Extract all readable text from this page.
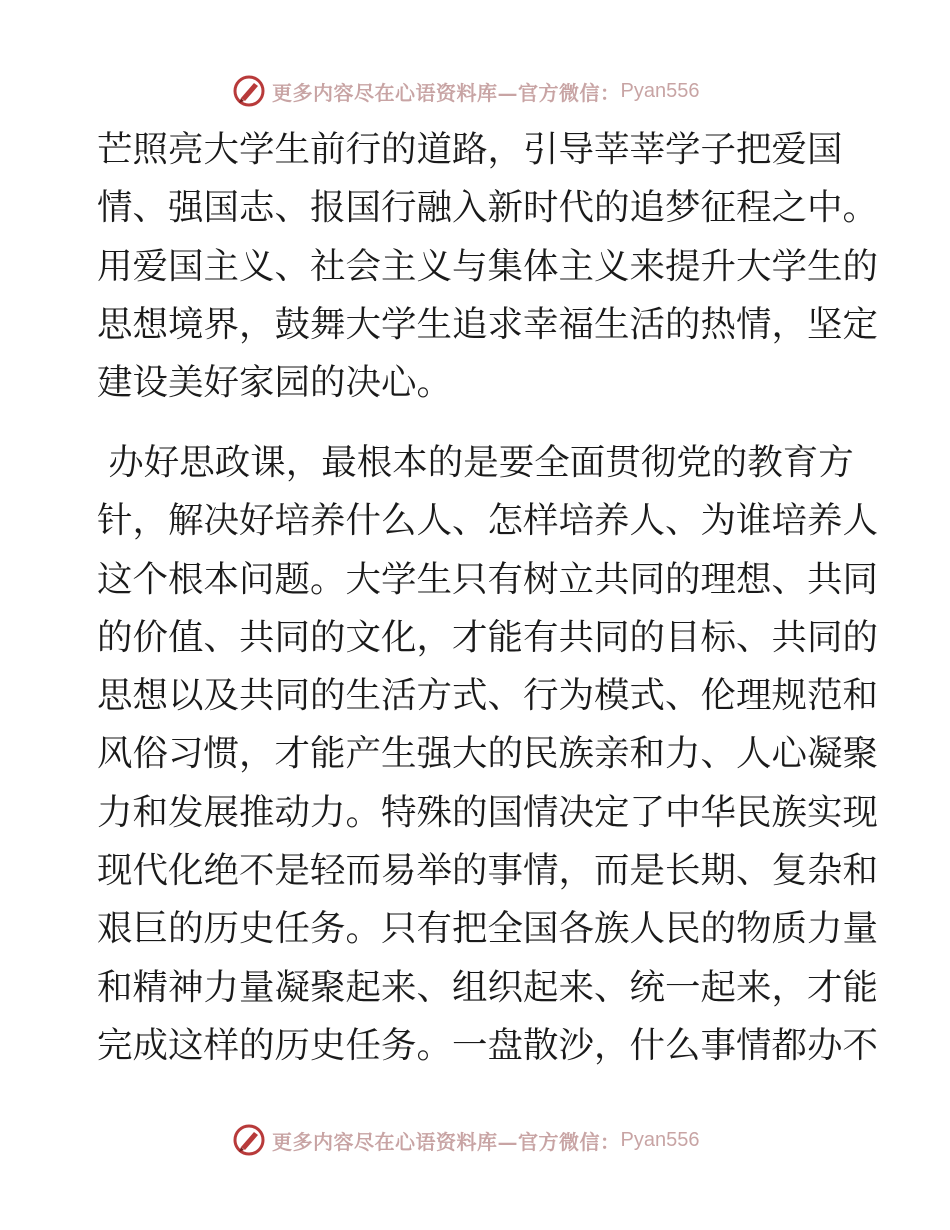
更多内容尽在心语资料库—官方微信： Pyan556
芒照亮大学生前行的道路，引导莘莘学子把爱国
情、强国志、报国行融入新时代的追梦征程之中。
用爱国主义、社会主义与集体主义来提升大学生的
思想境界，鼓舞大学生追求幸福生活的热情，坚定
建设美好家园的决心。
办好思政课，最根本的是要全面贯彻党的教育方
针，解决好培养什么人、怎样培养人、为谁培养人
这个根本问题。大学生只有树立共同的理想、共同
的价值、共同的文化，才能有共同的目标、共同的
思想以及共同的生活方式、行为模式、伦理规范和
风俗习惯，才能产生强大的民族亲和力、人心凝聚
力和发展推动力。特殊的国情决定了中华民族实现
现代化绝不是轻而易举的事情，而是长期、复杂和
艰巨的历史任务。只有把全国各族人民的物质力量
和精神力量凝聚起来、组织起来、统一起来，才能
完成这样的历史任务。一盘散沙，什么事情都办不
更多内容尽在心语资料库—官方微信： Pyan556
